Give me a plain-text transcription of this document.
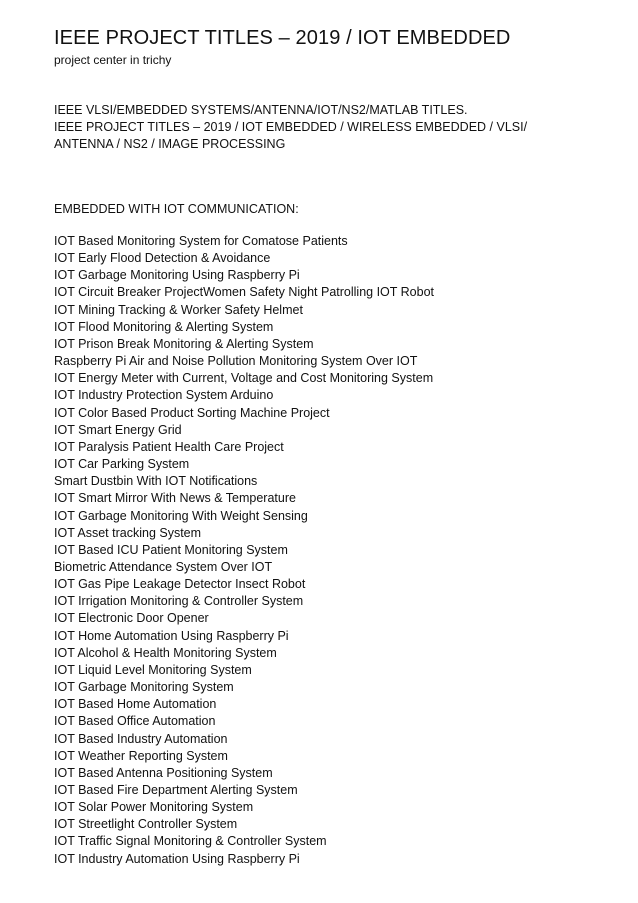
IEEE PROJECT TITLES – 2019 / IOT EMBEDDED
project center in trichy
IEEE VLSI/EMBEDDED SYSTEMS/ANTENNA/IOT/NS2/MATLAB TITLES.
IEEE PROJECT TITLES – 2019 / IOT EMBEDDED / WIRELESS EMBEDDED / VLSI/
ANTENNA / NS2 / IMAGE PROCESSING
EMBEDDED WITH IOT COMMUNICATION:
IOT Based Monitoring System for Comatose Patients
IOT Early Flood Detection & Avoidance
IOT Garbage Monitoring Using Raspberry Pi
IOT Circuit Breaker ProjectWomen Safety Night Patrolling IOT Robot
IOT Mining Tracking & Worker Safety Helmet
IOT Flood Monitoring & Alerting System
IOT Prison Break Monitoring & Alerting System
Raspberry Pi Air and Noise Pollution Monitoring System Over IOT
IOT Energy Meter with Current, Voltage and Cost Monitoring System
IOT Industry Protection System Arduino
IOT Color Based Product Sorting Machine Project
IOT Smart Energy Grid
IOT Paralysis Patient Health Care Project
IOT Car Parking System
Smart Dustbin With IOT Notifications
IOT Smart Mirror With News & Temperature
IOT Garbage Monitoring With Weight Sensing
IOT Asset tracking System
IOT Based ICU Patient Monitoring System
Biometric Attendance System Over IOT
IOT Gas Pipe Leakage Detector Insect Robot
IOT Irrigation Monitoring & Controller System
IOT Electronic Door Opener
IOT Home Automation Using Raspberry Pi
IOT Alcohol & Health Monitoring System
IOT Liquid Level Monitoring System
IOT Garbage Monitoring System
IOT Based Home Automation
IOT Based Office Automation
IOT Based Industry Automation
IOT Weather Reporting System
IOT Based Antenna Positioning System
IOT Based Fire Department Alerting System
IOT Solar Power Monitoring System
IOT Streetlight Controller System
IOT Traffic Signal Monitoring & Controller System
IOT Industry Automation Using Raspberry Pi
